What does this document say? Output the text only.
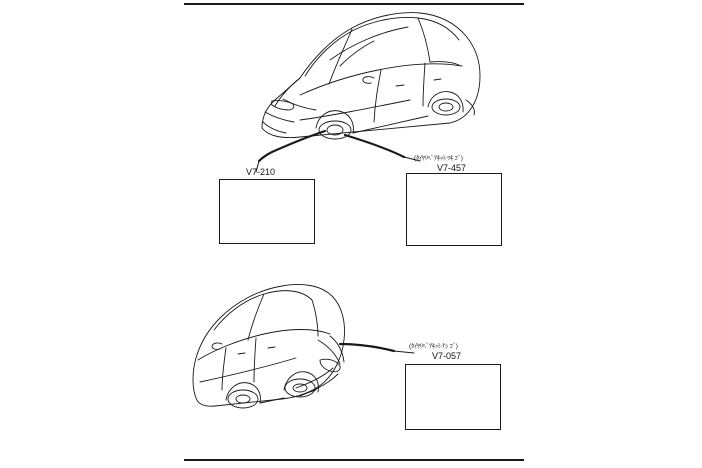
V7-210
(ﾀｲﾔﾘﾍﾟｱｷｯﾄ ﾂｷ ｺﾞ)
V7-457
(ﾀｲﾔﾘﾍﾟｱｷｯﾄ ﾅｼ ｺﾞ)
V7-057
